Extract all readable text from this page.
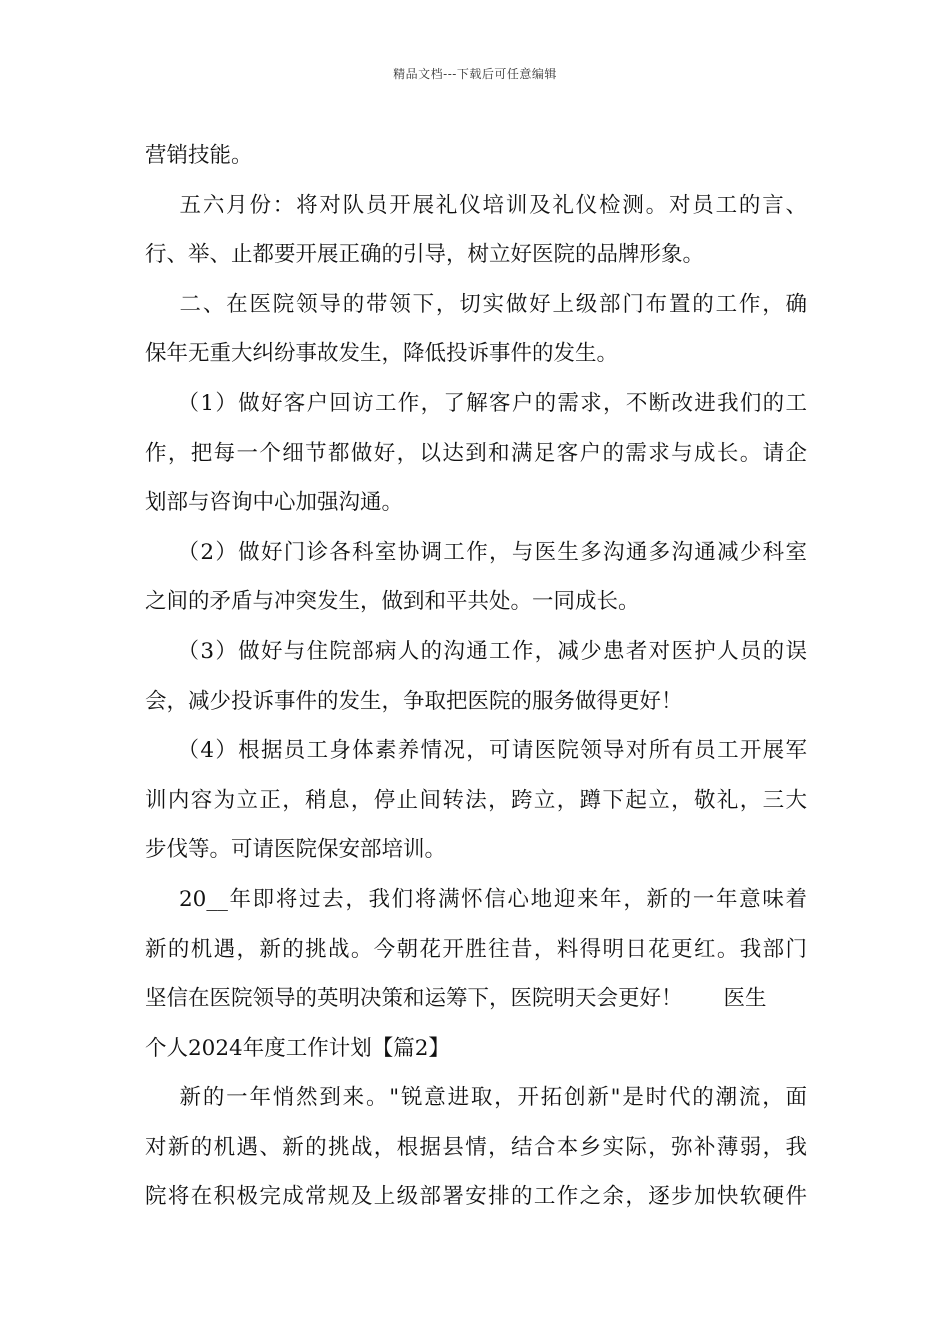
精品文档---下载后可任意编辑
营销技能。
五六月份：将对队员开展礼仪培训及礼仪检测。对员工的言、
行、举、止都要开展正确的引导，树立好医院的品牌形象。
二、在医院领导的带领下，切实做好上级部门布置的工作，确
保年无重大纠纷事故发生，降低投诉事件的发生。
（1）做好客户回访工作，了解客户的需求，不断改进我们的工
作，把每一个细节都做好，以达到和满足客户的需求与成长。请企
划部与咨询中心加强沟通。
（2）做好门诊各科室协调工作，与医生多沟通多沟通减少科室
之间的矛盾与冲突发生，做到和平共处。一同成长。
（3）做好与住院部病人的沟通工作，减少患者对医护人员的误
会，减少投诉事件的发生，争取把医院的服务做得更好！
（4）根据员工身体素养情况，可请医院领导对所有员工开展军
训内容为立正，稍息，停止间转法，跨立，蹲下起立，敬礼，三大
步伐等。可请医院保安部培训。
20__年即将过去，我们将满怀信心地迎来年，新的一年意味着
新的机遇，新的挑战。今朝花开胜往昔，料得明日花更红。我部门
坚信在医院领导的英明决策和运筹下，医院明天会更好！      医生
个人2024年度工作计划【篇2】
新的一年悄然到来。"锐意进取，开拓创新"是时代的潮流，面
对新的机遇、新的挑战，根据县情，结合本乡实际，弥补薄弱，我
院将在积极完成常规及上级部署安排的工作之余，逐步加快软硬件
